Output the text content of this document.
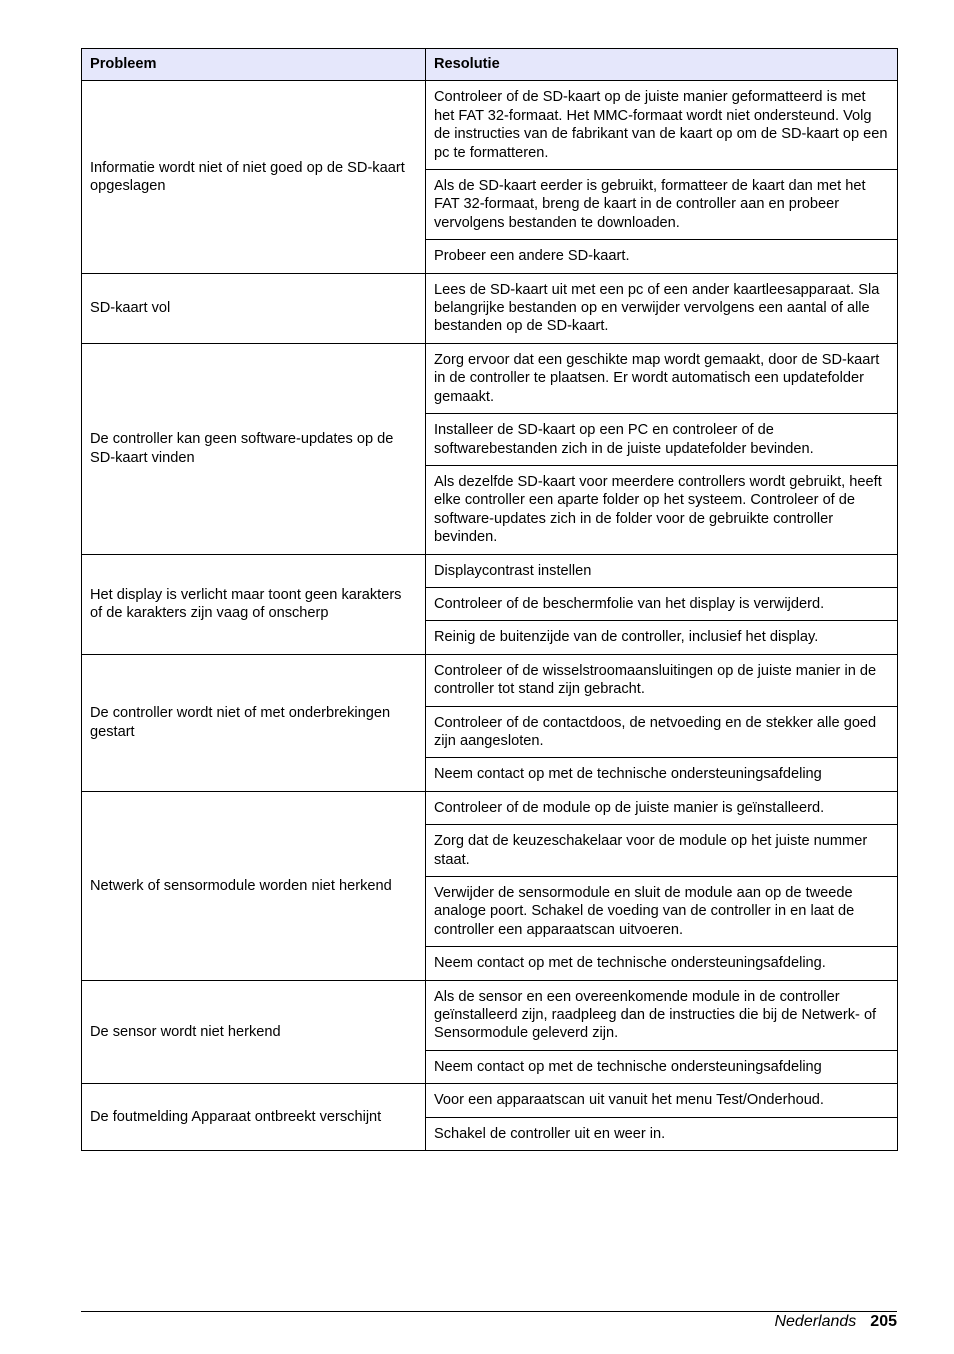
Probleem	Resolutie
Informatie wordt niet of niet goed op de SD-kaart opgeslagen	Controleer of de SD-kaart op de juiste manier geformatteerd is met het FAT 32-formaat. Het MMC-formaat wordt niet ondersteund. Volg de instructies van de fabrikant van de kaart op om de SD-kaart op een pc te formatteren.
	Als de SD-kaart eerder is gebruikt, formatteer de kaart dan met het FAT 32-formaat, breng de kaart in de controller aan en probeer vervolgens bestanden te downloaden.
	Probeer een andere SD-kaart.
SD-kaart vol	Lees de SD-kaart uit met een pc of een ander kaartleesapparaat. Sla belangrijke bestanden op en verwijder vervolgens een aantal of alle bestanden op de SD-kaart.
De controller kan geen software-updates op de SD-kaart vinden	Zorg ervoor dat een geschikte map wordt gemaakt, door de SD-kaart in de controller te plaatsen. Er wordt automatisch een updatefolder gemaakt.
	Installeer de SD-kaart op een PC en controleer of de softwarebestanden zich in de juiste updatefolder bevinden.
	Als dezelfde SD-kaart voor meerdere controllers wordt gebruikt, heeft elke controller een aparte folder op het systeem. Controleer of de software-updates zich in de folder voor de gebruikte controller bevinden.
Het display is verlicht maar toont geen karakters of de karakters zijn vaag of onscherp	Displaycontrast instellen
	Controleer of de beschermfolie van het display is verwijderd.
	Reinig de buitenzijde van de controller, inclusief het display.
De controller wordt niet of met onderbrekingen gestart	Controleer of de wisselstroomaansluitingen op de juiste manier in de controller tot stand zijn gebracht.
	Controleer of de contactdoos, de netvoeding en de stekker alle goed zijn aangesloten.
	Neem contact op met de technische ondersteuningsafdeling
Netwerk of sensormodule worden niet herkend	Controleer of de module op de juiste manier is geïnstalleerd.
	Zorg dat de keuzeschakelaar voor de module op het juiste nummer staat.
	Verwijder de sensormodule en sluit de module aan op de tweede analoge poort. Schakel de voeding van de controller in en laat de controller een apparaatscan uitvoeren.
	Neem contact op met de technische ondersteuningsafdeling.
De sensor wordt niet herkend	Als de sensor en een overeenkomende module in de controller geïnstalleerd zijn, raadpleeg dan de instructies die bij de Netwerk- of Sensormodule geleverd zijn.
	Neem contact op met de technische ondersteuningsafdeling
De foutmelding Apparaat ontbreekt verschijnt	Voor een apparaatscan uit vanuit het menu Test/Onderhoud.
	Schakel de controller uit en weer in.
Nederlands 205
